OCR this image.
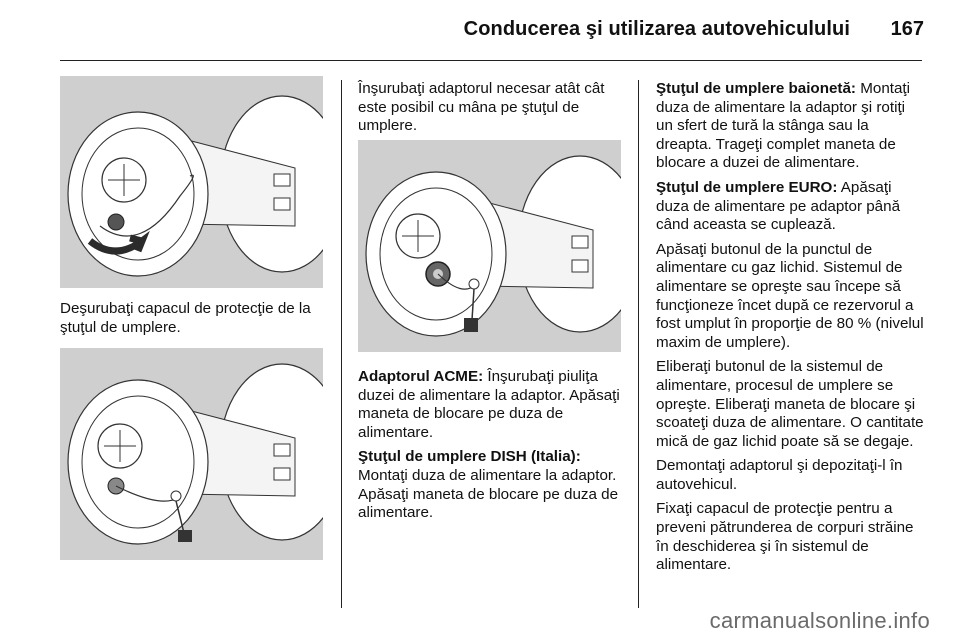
Conducerea şi utilizarea autovehiculului 167
Deşurubaţi capacul de protecţie de la ştuţul de umplere.
Înşurubaţi adaptorul necesar atât cât este posibil cu mâna pe ştuţul de umplere.

Adaptorul ACME: Înşurubaţi piuliţa duzei de alimentare la adaptor. Apăsaţi maneta de blocare pe duza de alimentare.

Ştuţul de umplere DISH (Italia): Montaţi duza de alimentare la adaptor. Apăsaţi maneta de blocare pe duza de alimentare.

Ştuţul de umplere baionetă: Montaţi duza de alimentare la adaptor şi rotiţi un sfert de tură la stânga sau la dreapta. Trageţi complet maneta de blocare a duzei de alimentare.

Ştuţul de umplere EURO: Apăsaţi duza de alimentare pe adaptor până când aceasta se cuplează.

Apăsaţi butonul de la punctul de alimentare cu gaz lichid. Sistemul de alimentare se opreşte sau începe să funcţioneze încet după ce rezervorul a fost umplut în proporţie de 80 % (nivelul maxim de umplere).

Eliberaţi butonul de la sistemul de alimentare, procesul de umplere se opreşte. Eliberaţi maneta de blocare şi scoateţi duza de alimentare. O cantitate mică de gaz lichid poate să se degaje.

Demontaţi adaptorul şi depozitaţi-l în autovehicul.

Fixaţi capacul de protecţie pentru a preveni pătrunderea de corpuri străine în deschiderea şi în sistemul de alimentare.

carmanualsonline.info
